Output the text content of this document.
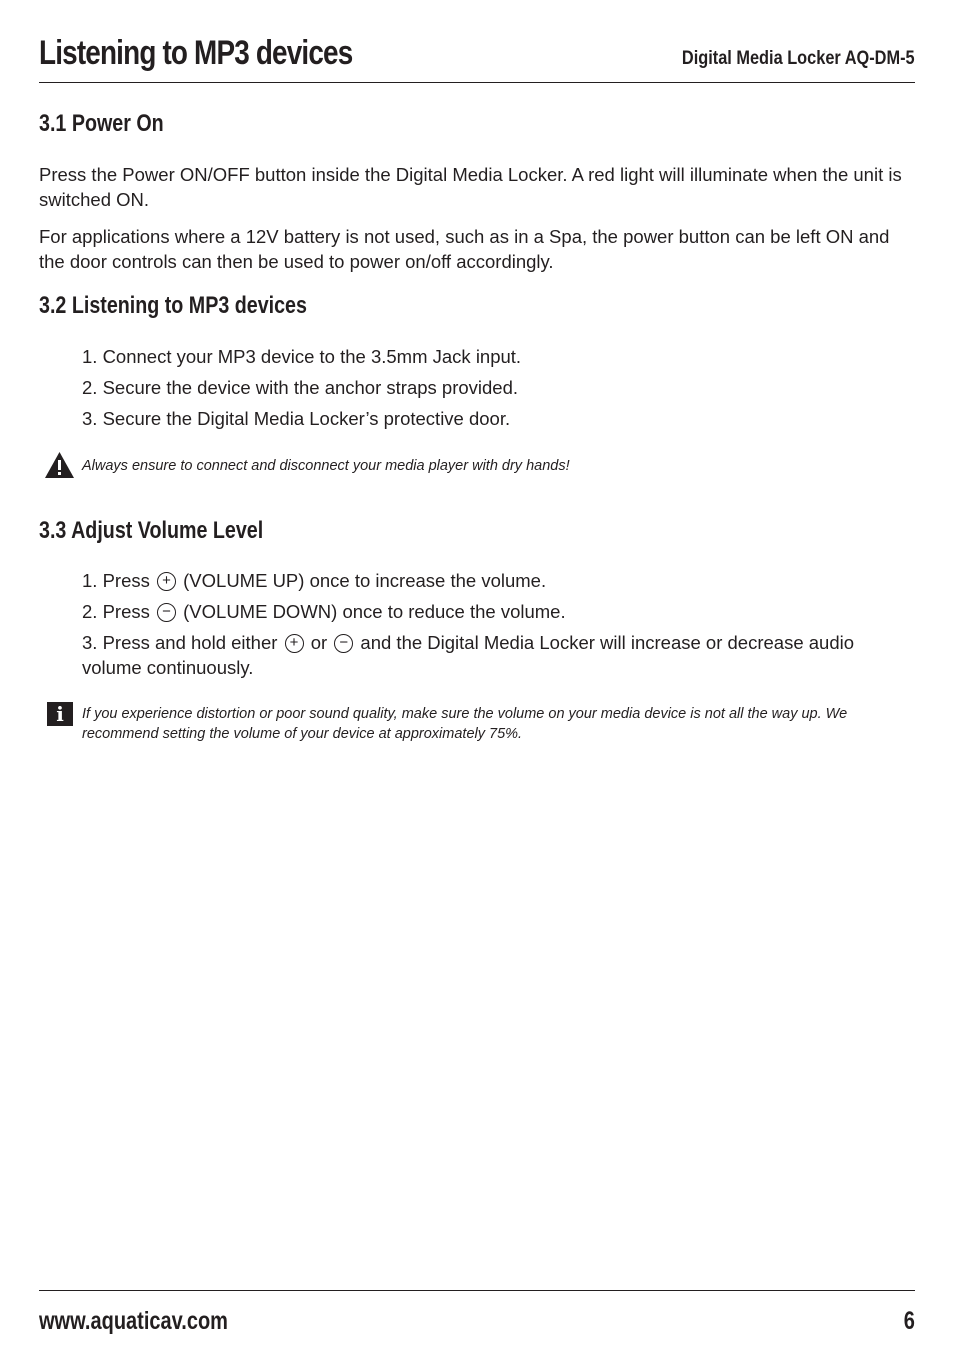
Listening to MP3 devices	Digital Media Locker AQ-DM-5
3.1 Power On
Press the Power ON/OFF button inside the Digital Media Locker. A red light will illuminate when the unit is switched ON.
For applications where a 12V battery is not used, such as in a Spa, the power button can be left ON and the door controls can then be used to power on/off accordingly.
3.2 Listening to MP3 devices
1. Connect your MP3 device to the 3.5mm Jack input.
2. Secure the device with the anchor straps provided.
3. Secure the Digital Media Locker’s protective door.
Always ensure to connect and disconnect your media player with dry hands!
3.3 Adjust Volume Level
1. Press + (VOLUME UP) once to increase the volume.
2. Press − (VOLUME DOWN) once to reduce the volume.
3. Press and hold either + or − and the Digital Media Locker will increase or decrease audio volume continuously.
i	If you experience distortion or poor sound quality, make sure the volume on your media device is not all the way up. We recommend setting the volume of your device at approximately 75%.
www.aquaticav.com	6
